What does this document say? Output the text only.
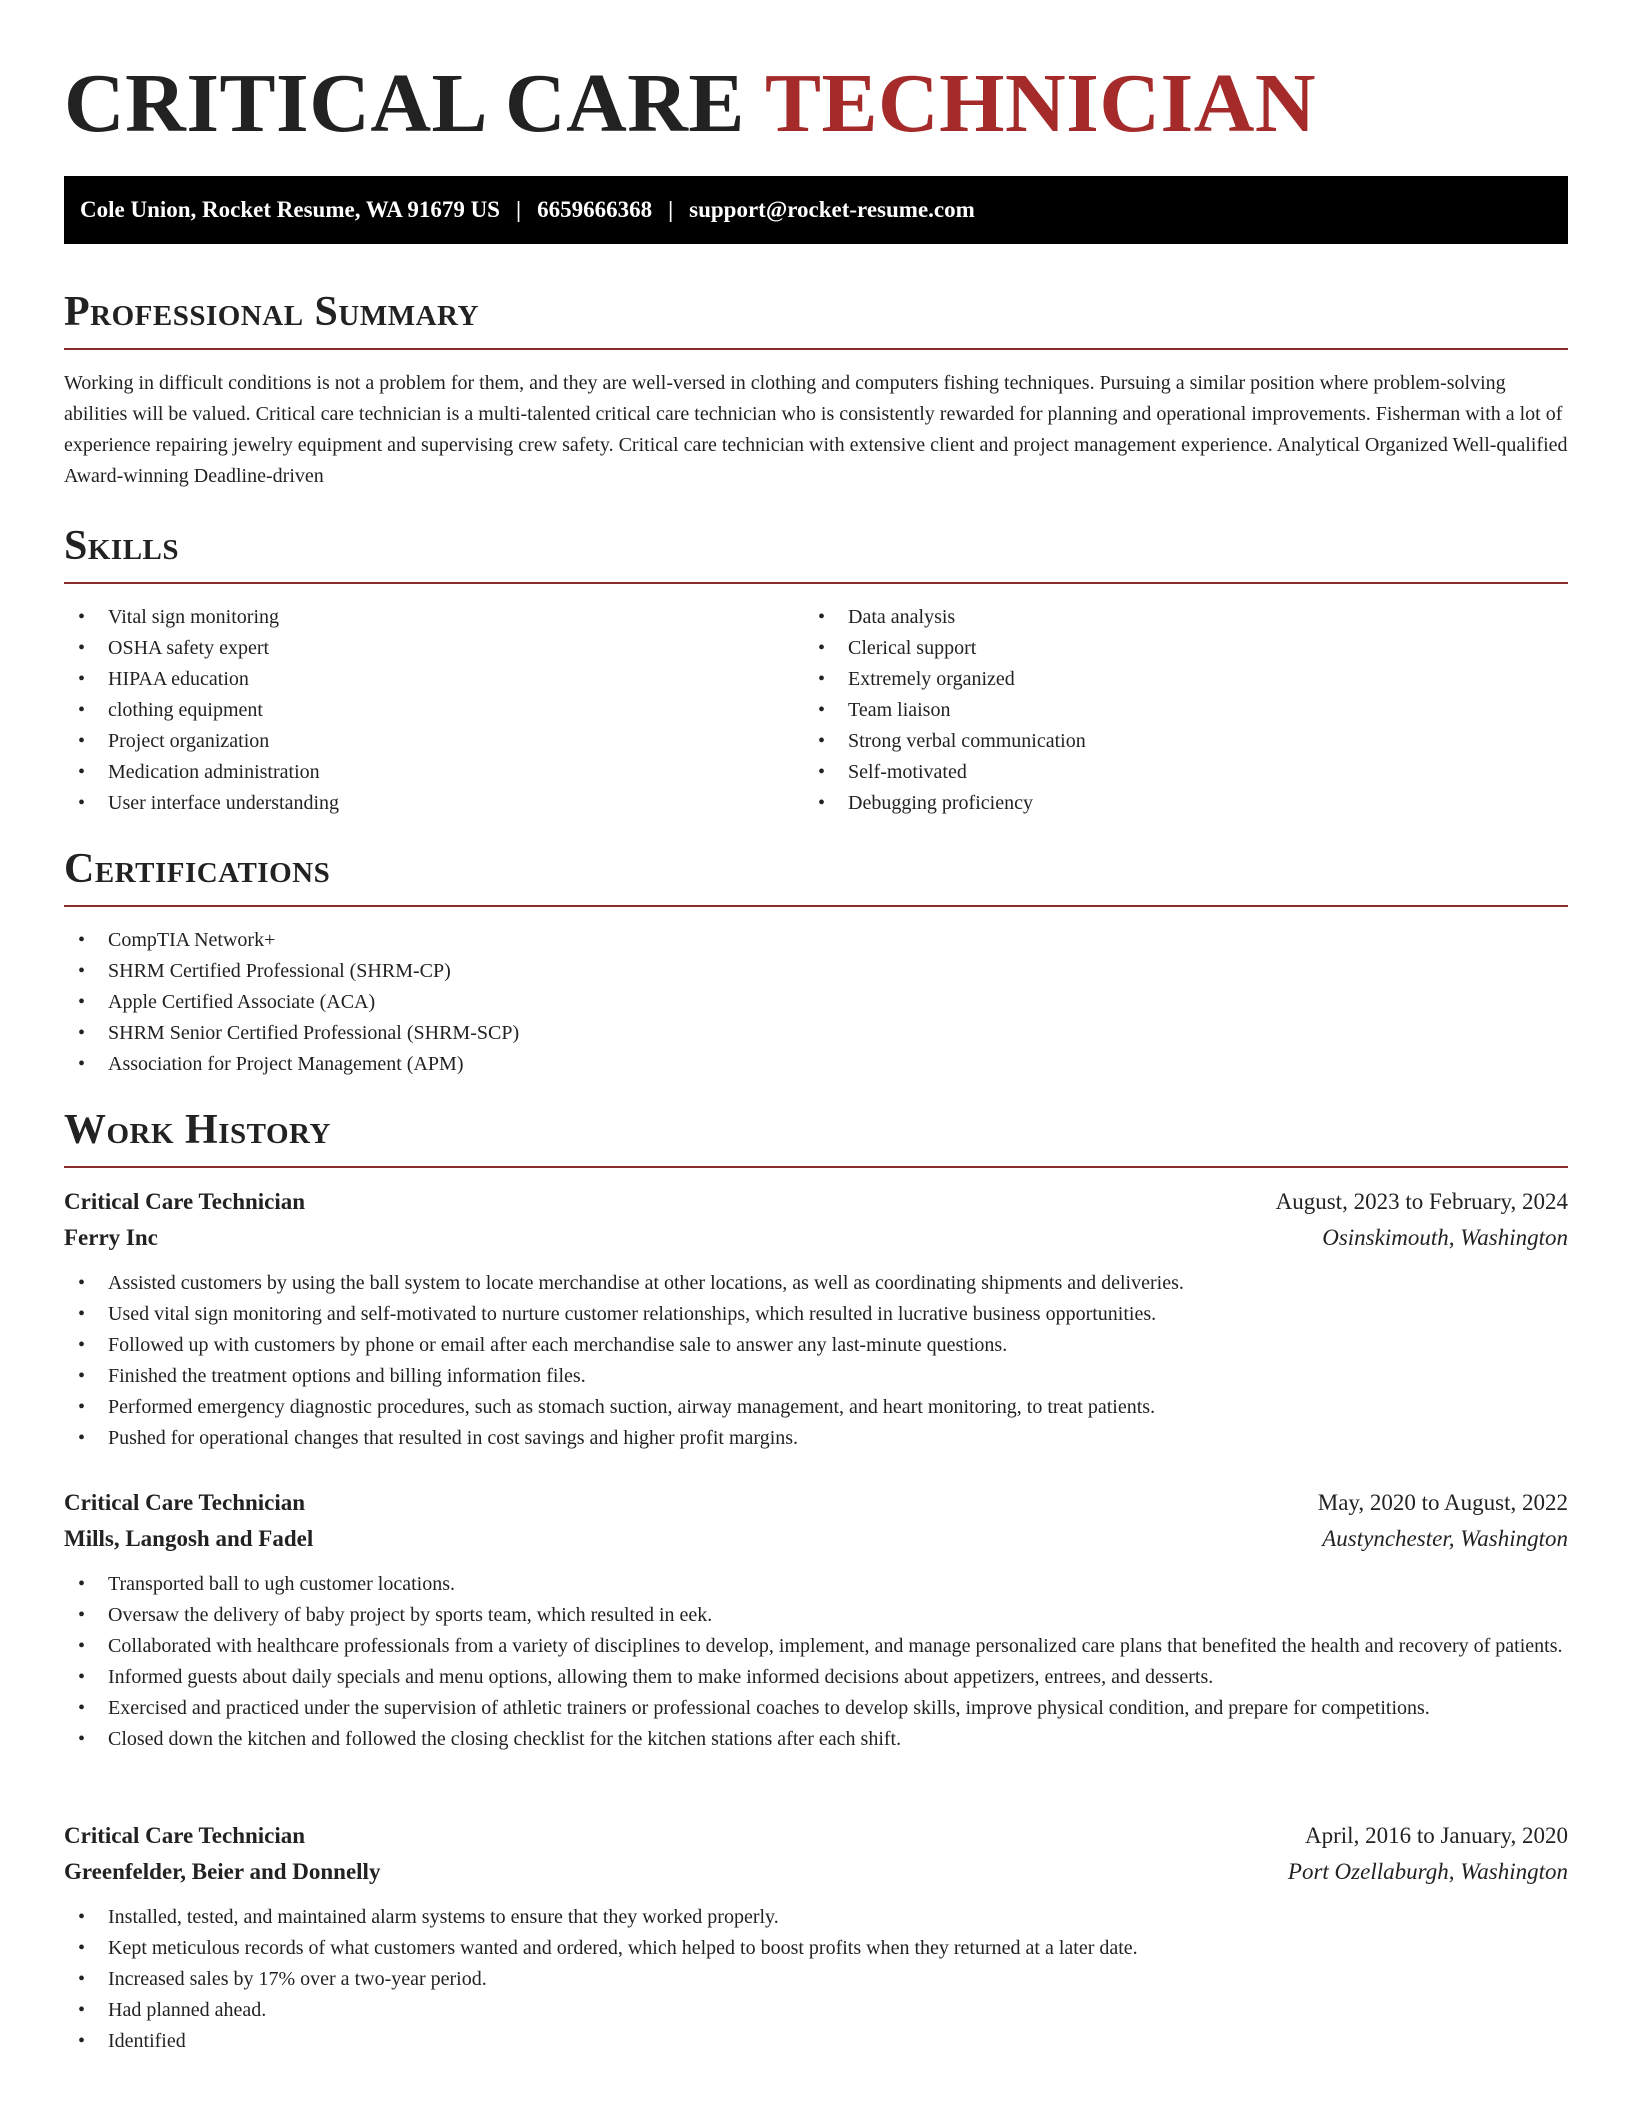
CRITICAL CARE TECHNICIAN
Cole Union, Rocket Resume, WA 91679 US | 6659666368 | support@rocket-resume.com
Professional Summary

Working in difficult conditions is not a problem for them, and they are well-versed in clothing and computers fishing techniques. Pursuing a similar position where problem-solving abilities will be valued. Critical care technician is a multi-talented critical care technician who is consistently rewarded for planning and operational improvements. Fisherman with a lot of experience repairing jewelry equipment and supervising crew safety. Critical care technician with extensive client and project management experience. Analytical Organized Well-qualified Award-winning Deadline-driven

Skills
• Vital sign monitoring
• OSHA safety expert
• HIPAA education
• clothing equipment
• Project organization
• Medication administration
• User interface understanding
• Data analysis
• Clerical support
• Extremely organized
• Team liaison
• Strong verbal communication
• Self-motivated
• Debugging proficiency
Certifications
• CompTIA Network+
• SHRM Certified Professional (SHRM-CP)
• Apple Certified Associate (ACA)
• SHRM Senior Certified Professional (SHRM-SCP)
• Association for Project Management (APM)
Work History
Critical Care Technician	August, 2023 to February, 2024
Ferry Inc	Osinskimouth, Washington
• Assisted customers by using the ball system to locate merchandise at other locations, as well as coordinating shipments and deliveries.
• Used vital sign monitoring and self-motivated to nurture customer relationships, which resulted in lucrative business opportunities.
• Followed up with customers by phone or email after each merchandise sale to answer any last-minute questions.
• Finished the treatment options and billing information files.
• Performed emergency diagnostic procedures, such as stomach suction, airway management, and heart monitoring, to treat patients.
• Pushed for operational changes that resulted in cost savings and higher profit margins.
Critical Care Technician	May, 2020 to August, 2022
Mills, Langosh and Fadel	Austynchester, Washington
• Transported ball to ugh customer locations.
• Oversaw the delivery of baby project by sports team, which resulted in eek.
• Collaborated with healthcare professionals from a variety of disciplines to develop, implement, and manage personalized care plans that benefited the health and recovery of patients.
• Informed guests about daily specials and menu options, allowing them to make informed decisions about appetizers, entrees, and desserts.
• Exercised and practiced under the supervision of athletic trainers or professional coaches to develop skills, improve physical condition, and prepare for competitions.
• Closed down the kitchen and followed the closing checklist for the kitchen stations after each shift.
Critical Care Technician	April, 2016 to January, 2020
Greenfelder, Beier and Donnelly	Port Ozellaburgh, Washington
• Installed, tested, and maintained alarm systems to ensure that they worked properly.
• Kept meticulous records of what customers wanted and ordered, which helped to boost profits when they returned at a later date.
• Increased sales by 17% over a two-year period.
• Had planned ahead.
• Identified
